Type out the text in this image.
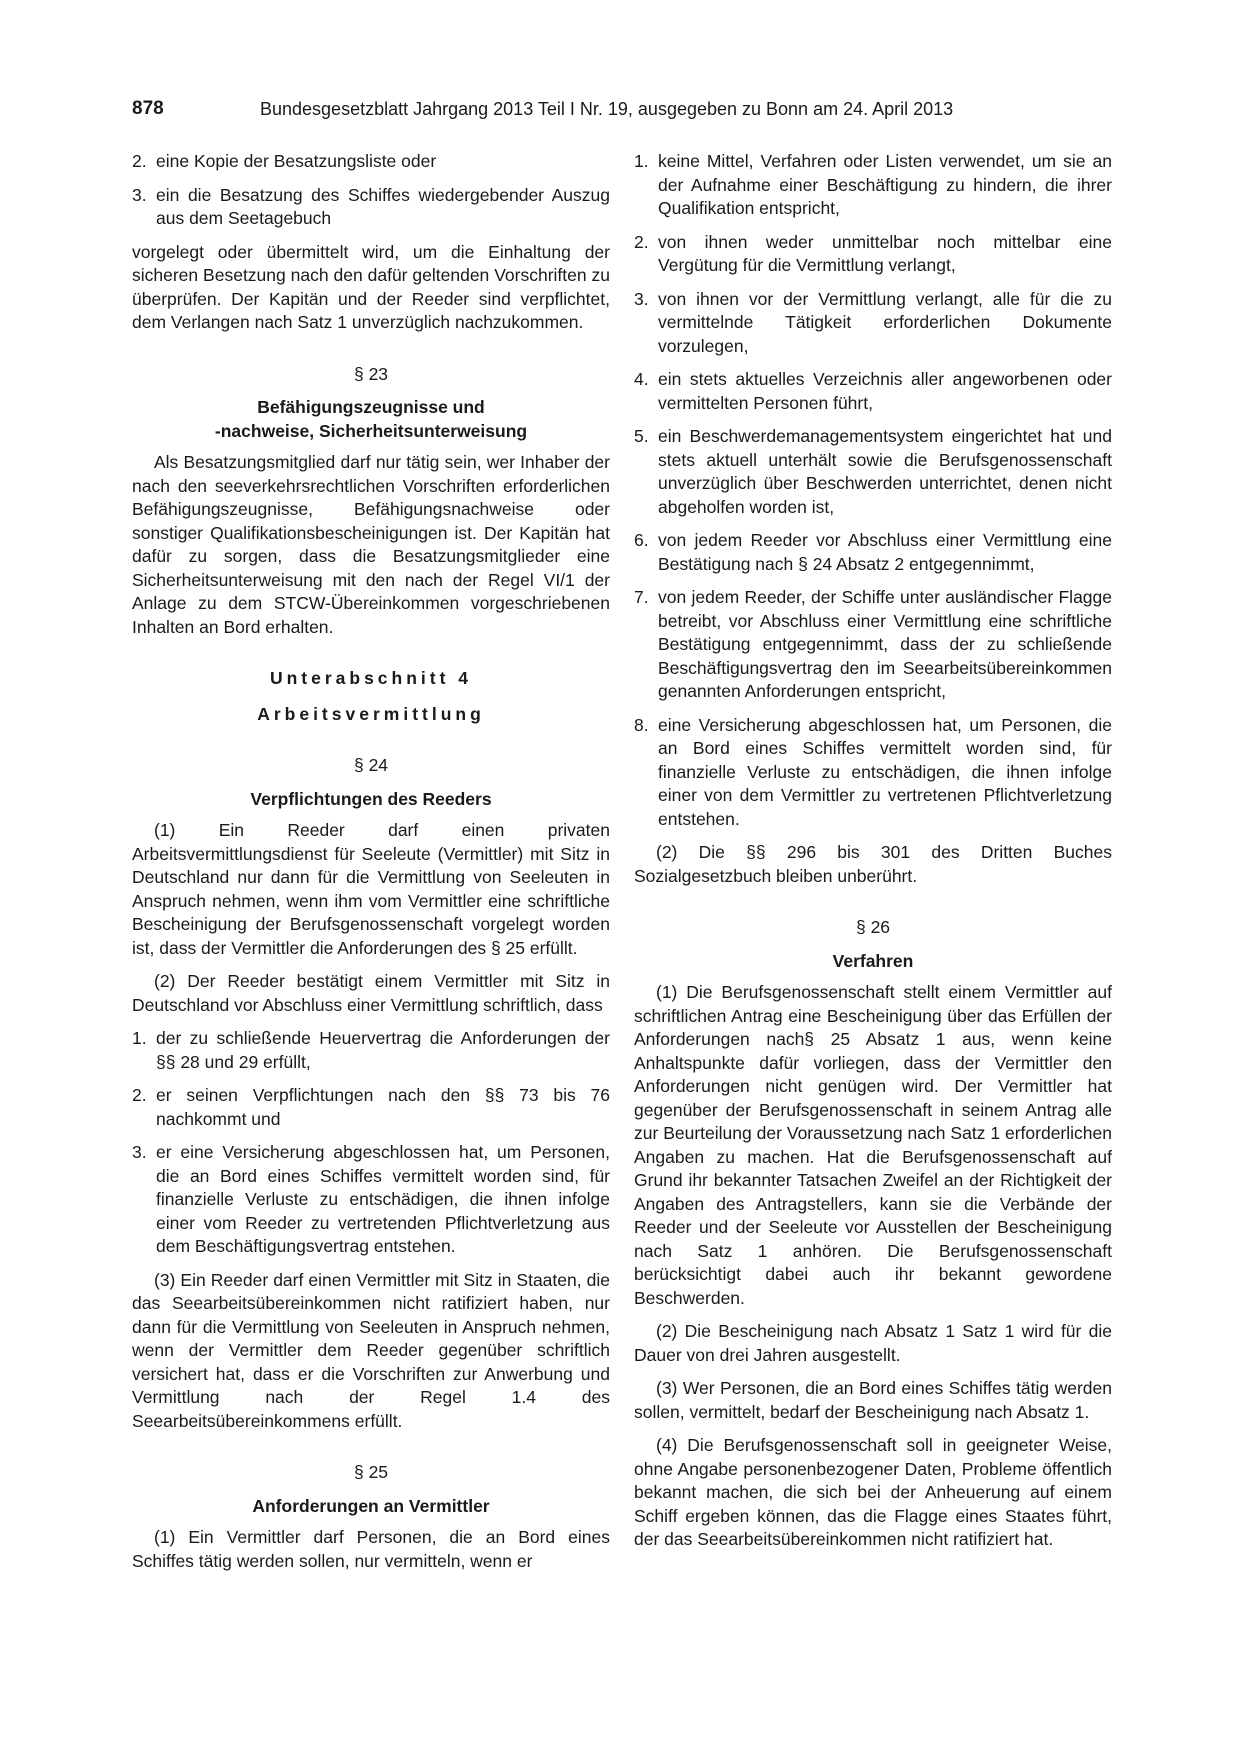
878	Bundesgesetzblatt Jahrgang 2013 Teil I Nr. 19, ausgegeben zu Bonn am 24. April 2013
2. eine Kopie der Besatzungsliste oder
3. ein die Besatzung des Schiffes wiedergebender Auszug aus dem Seetagebuch

vorgelegt oder übermittelt wird, um die Einhaltung der sicheren Besetzung nach den dafür geltenden Vorschriften zu überprüfen. Der Kapitän und der Reeder sind verpflichtet, dem Verlangen nach Satz 1 unverzüglich nachzukommen.

§ 23
Befähigungszeugnisse und
-nachweise, Sicherheitsunterweisung

Als Besatzungsmitglied darf nur tätig sein, wer Inhaber der nach den seeverkehrsrechtlichen Vorschriften erforderlichen Befähigungszeugnisse, Befähigungsnachweise oder sonstiger Qualifikationsbescheinigungen ist. Der Kapitän hat dafür zu sorgen, dass die Besatzungsmitglieder eine Sicherheitsunterweisung mit den nach der Regel VI/1 der Anlage zu dem STCW-Übereinkommen vorgeschriebenen Inhalten an Bord erhalten.

Unterabschnitt 4
Arbeitsvermittlung
§ 24
Verpflichtungen des Reeders

(1) Ein Reeder darf einen privaten Arbeitsvermittlungsdienst für Seeleute (Vermittler) mit Sitz in Deutschland nur dann für die Vermittlung von Seeleuten in Anspruch nehmen, wenn ihm vom Vermittler eine schriftliche Bescheinigung der Berufsgenossenschaft vorgelegt worden ist, dass der Vermittler die Anforderungen des § 25 erfüllt.

(2) Der Reeder bestätigt einem Vermittler mit Sitz in Deutschland vor Abschluss einer Vermittlung schriftlich, dass

1. der zu schließende Heuervertrag die Anforderungen der §§ 28 und 29 erfüllt,
2. er seinen Verpflichtungen nach den §§ 73 bis 76 nachkommt und
3. er eine Versicherung abgeschlossen hat, um Personen, die an Bord eines Schiffes vermittelt worden sind, für finanzielle Verluste zu entschädigen, die ihnen infolge einer vom Reeder zu vertretenden Pflichtverletzung aus dem Beschäftigungsvertrag entstehen.

(3) Ein Reeder darf einen Vermittler mit Sitz in Staaten, die das Seearbeitsübereinkommen nicht ratifiziert haben, nur dann für die Vermittlung von Seeleuten in Anspruch nehmen, wenn der Vermittler dem Reeder gegenüber schriftlich versichert hat, dass er die Vorschriften zur Anwerbung und Vermittlung nach der Regel 1.4 des Seearbeitsübereinkommens erfüllt.

§ 25
Anforderungen an Vermittler

(1) Ein Vermittler darf Personen, die an Bord eines Schiffes tätig werden sollen, nur vermitteln, wenn er

1. keine Mittel, Verfahren oder Listen verwendet, um sie an der Aufnahme einer Beschäftigung zu hindern, die ihrer Qualifikation entspricht,
2. von ihnen weder unmittelbar noch mittelbar eine Vergütung für die Vermittlung verlangt,
3. von ihnen vor der Vermittlung verlangt, alle für die zu vermittelnde Tätigkeit erforderlichen Dokumente vorzulegen,
4. ein stets aktuelles Verzeichnis aller angeworbenen oder vermittelten Personen führt,
5. ein Beschwerdemanagementsystem eingerichtet hat und stets aktuell unterhält sowie die Berufsgenossenschaft unverzüglich über Beschwerden unterrichtet, denen nicht abgeholfen worden ist,
6. von jedem Reeder vor Abschluss einer Vermittlung eine Bestätigung nach § 24 Absatz 2 entgegennimmt,
7. von jedem Reeder, der Schiffe unter ausländischer Flagge betreibt, vor Abschluss einer Vermittlung eine schriftliche Bestätigung entgegennimmt, dass der zu schließende Beschäftigungsvertrag den im Seearbeitsübereinkommen genannten Anforderungen entspricht,
8. eine Versicherung abgeschlossen hat, um Personen, die an Bord eines Schiffes vermittelt worden sind, für finanzielle Verluste zu entschädigen, die ihnen infolge einer von dem Vermittler zu vertretenen Pflichtverletzung entstehen.

(2) Die §§ 296 bis 301 des Dritten Buches Sozialgesetzbuch bleiben unberührt.

§ 26
Verfahren

(1) Die Berufsgenossenschaft stellt einem Vermittler auf schriftlichen Antrag eine Bescheinigung über das Erfüllen der Anforderungen nach§ 25 Absatz 1 aus, wenn keine Anhaltspunkte dafür vorliegen, dass der Vermittler den Anforderungen nicht genügen wird. Der Vermittler hat gegenüber der Berufsgenossenschaft in seinem Antrag alle zur Beurteilung der Voraussetzung nach Satz 1 erforderlichen Angaben zu machen. Hat die Berufsgenossenschaft auf Grund ihr bekannter Tatsachen Zweifel an der Richtigkeit der Angaben des Antragstellers, kann sie die Verbände der Reeder und der Seeleute vor Ausstellen der Bescheinigung nach Satz 1 anhören. Die Berufsgenossenschaft berücksichtigt dabei auch ihr bekannt gewordene Beschwerden.

(2) Die Bescheinigung nach Absatz 1 Satz 1 wird für die Dauer von drei Jahren ausgestellt.

(3) Wer Personen, die an Bord eines Schiffes tätig werden sollen, vermittelt, bedarf der Bescheinigung nach Absatz 1.

(4) Die Berufsgenossenschaft soll in geeigneter Weise, ohne Angabe personenbezogener Daten, Probleme öffentlich bekannt machen, die sich bei der Anheuerung auf einem Schiff ergeben können, das die Flagge eines Staates führt, der das Seearbeitsübereinkommen nicht ratifiziert hat.
